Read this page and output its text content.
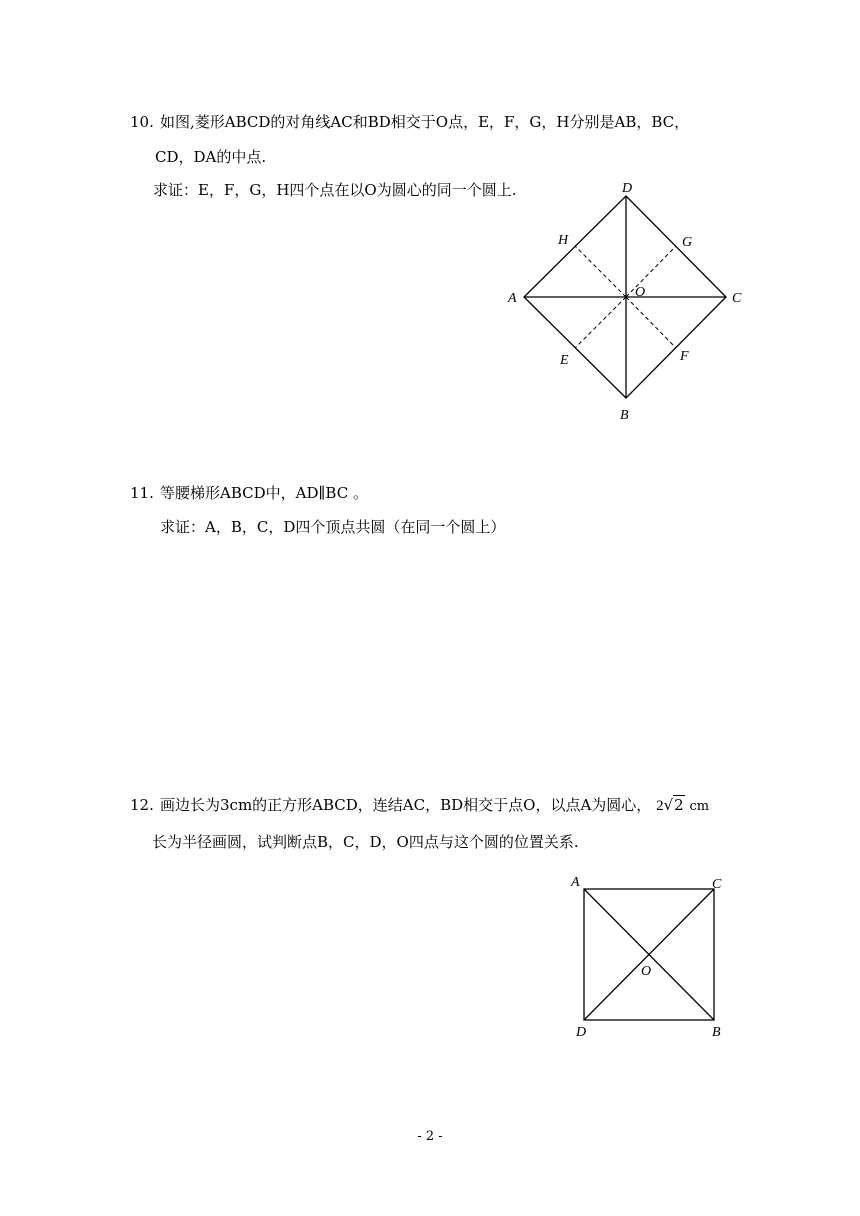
10. 如图,菱形ABCD的对角线AC和BD相交于O点，E，F，G，H分别是AB，BC，
CD，DA的中点.
求证：E，F，G，H四个点在以O为圆心的同一个圆上.	D
H	G
A	O	C
E	F
B
11. 等腰梯形ABCD中，AD∥BC 。
求证：A，B，C，D四个顶点共圆（在同一个圆上）
12. 画边长为3cm的正方形ABCD，连结AC，BD相交于点O，以点A为圆心， 2√2 cm
长为半径画圆，试判断点B，C，D，O四点与这个圆的位置关系.
A	C
O
D	B
- 2 -
